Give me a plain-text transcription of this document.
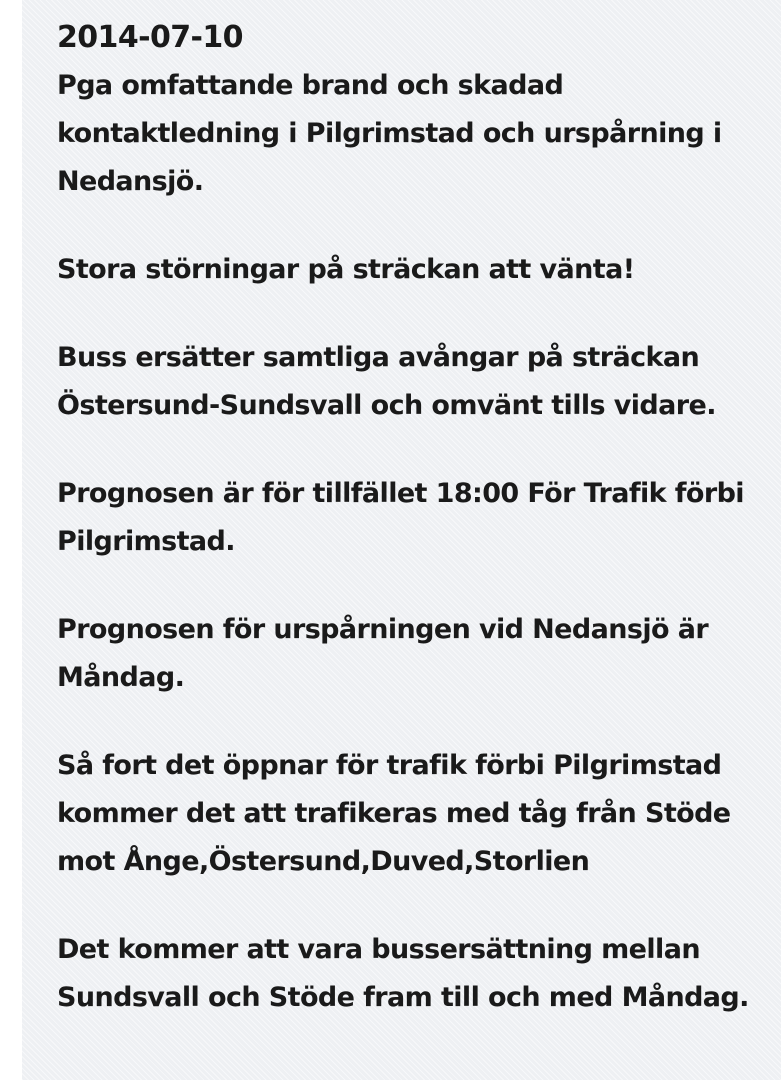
2014-07-10

Pga omfattande brand och skadad kontaktledning i Pilgrimstad och urspårning i Nedansjö.

Stora störningar på sträckan att vänta!

Buss ersätter samtliga avångar på sträckan Östersund-Sundsvall och omvänt tills vidare.

Prognosen är för tillfället 18:00 För Trafik förbi Pilgrimstad.

Prognosen för urspårningen vid Nedansjö är Måndag.

Så fort det öppnar för trafik förbi Pilgrimstad kommer det att trafikeras med tåg från Stöde mot Ånge,Östersund,Duved,Storlien

Det kommer att vara bussersättning mellan Sundsvall och Stöde fram till och med Måndag.
